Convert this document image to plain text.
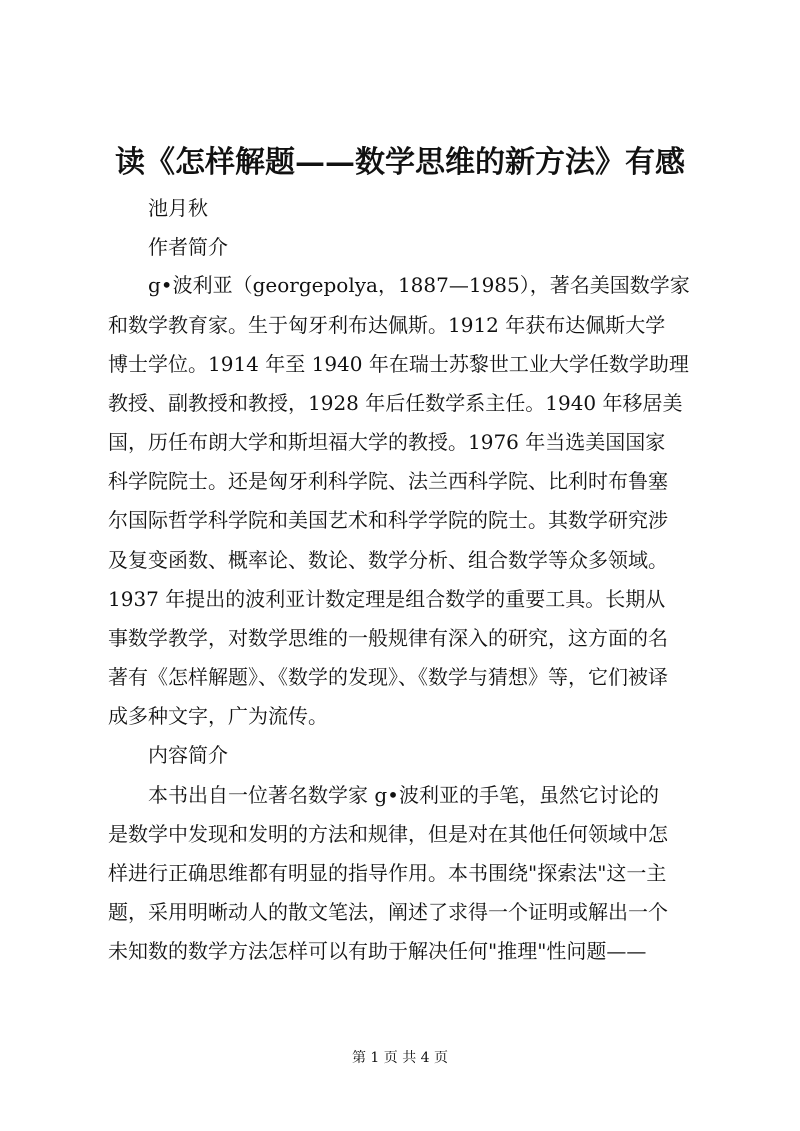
读《怎样解题——数学思维的新方法》有感
池月秋
作者简介
g•波利亚（georgepolya，1887—1985），著名美国数学家
和数学教育家。生于匈牙利布达佩斯。1912 年获布达佩斯大学
博士学位。1914 年至 1940 年在瑞士苏黎世工业大学任数学助理
教授、副教授和教授，1928 年后任数学系主任。1940 年移居美
国，历任布朗大学和斯坦福大学的教授。1976 年当选美国国家
科学院院士。还是匈牙利科学院、法兰西科学院、比利时布鲁塞
尔国际哲学科学院和美国艺术和科学学院的院士。其数学研究涉
及复变函数、概率论、数论、数学分析、组合数学等众多领域。
1937 年提出的波利亚计数定理是组合数学的重要工具。长期从
事数学教学，对数学思维的一般规律有深入的研究，这方面的名
著有《怎样解题》、《数学的发现》、《数学与猜想》等，它们被译
成多种文字，广为流传。
内容简介
本书出自一位著名数学家 g•波利亚的手笔，虽然它讨论的
是数学中发现和发明的方法和规律，但是对在其他任何领域中怎
样进行正确思维都有明显的指导作用。本书围绕"探索法"这一主
题，采用明晰动人的散文笔法，阐述了求得一个证明或解出一个
未知数的数学方法怎样可以有助于解决任何"推理"性问题——
第 1 页 共 4 页
